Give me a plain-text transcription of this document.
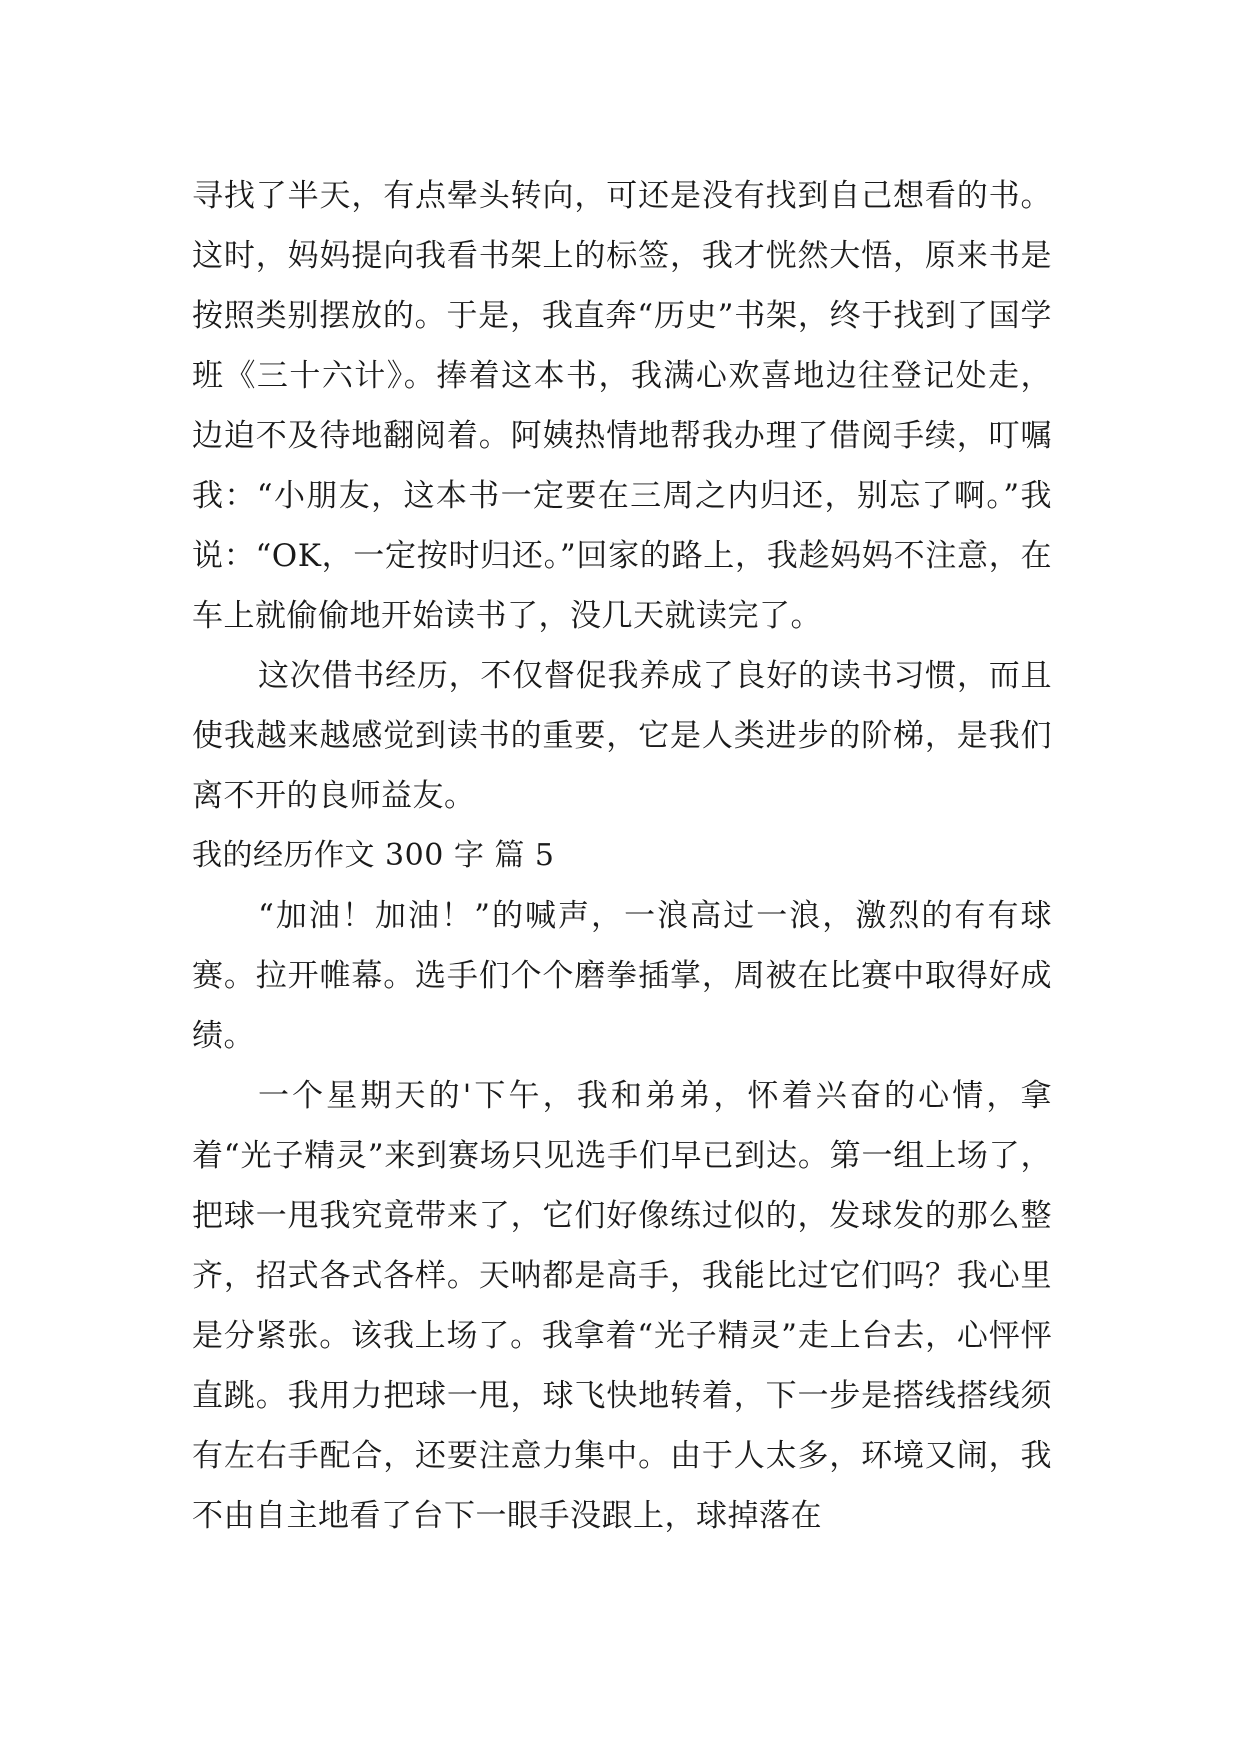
寻找了半天，有点晕头转向，可还是没有找到自己想看的书。这时，妈妈提向我看书架上的标签，我才恍然大悟，原来书是按照类别摆放的。于是，我直奔“历史”书架，终于找到了国学班《三十六计》。捧着这本书，我满心欢喜地边往登记处走，边迫不及待地翻阅着。阿姨热情地帮我办理了借阅手续，叮嘱我：“小朋友，这本书一定要在三周之内归还，别忘了啊。”我说：“OK，一定按时归还。”回家的路上，我趁妈妈不注意，在车上就偷偷地开始读书了，没几天就读完了。

这次借书经历，不仅督促我养成了良好的读书习惯，而且使我越来越感觉到读书的重要，它是人类进步的阶梯，是我们离不开的良师益友。

我的经历作文 300 字 篇 5

“加油！加油！”的喊声，一浪高过一浪，激烈的有有球赛。拉开帷幕。选手们个个磨拳插掌，周被在比赛中取得好成绩。

一个星期天的'下午，我和弟弟，怀着兴奋的心情，拿着“光子精灵”来到赛场只见选手们早已到达。第一组上场了，把球一甩我究竟带来了，它们好像练过似的，发球发的那么整齐，招式各式各样。天呐都是高手，我能比过它们吗？我心里是分紧张。该我上场了。我拿着“光子精灵”走上台去，心怦怦直跳。我用力把球一甩，球飞快地转着，下一步是搭线搭线须有左右手配合，还要注意力集中。由于人太多，环境又闹，我不由自主地看了台下一眼手没跟上，球掉落在
